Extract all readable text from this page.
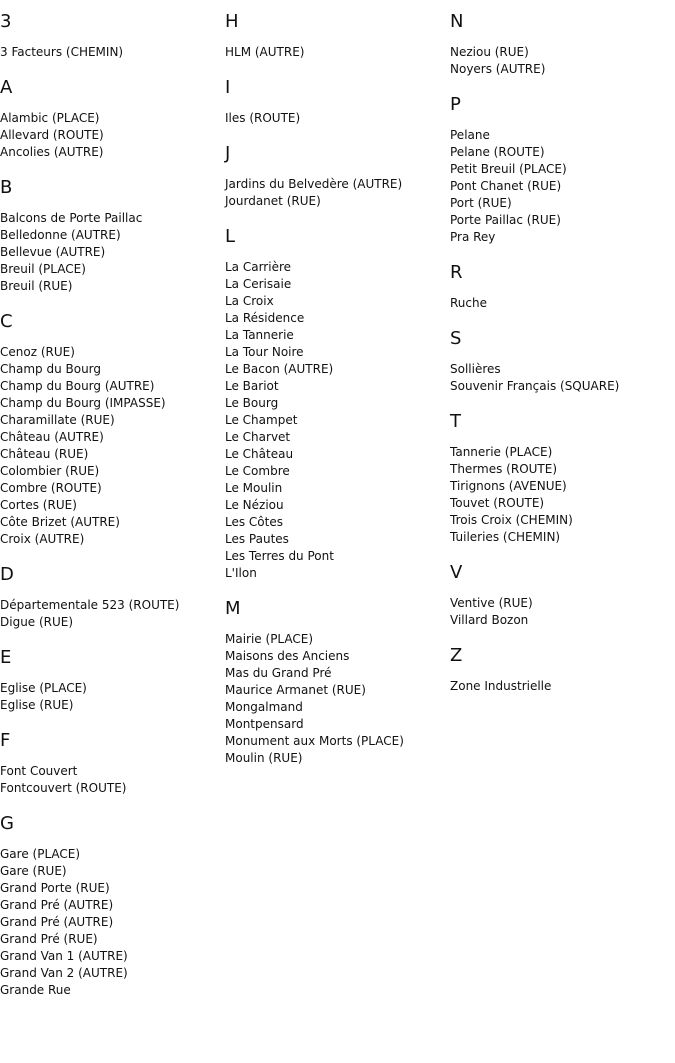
3
3 Facteurs (CHEMIN)
A
Alambic (PLACE)
Allevard (ROUTE)
Ancolies (AUTRE)
B
Balcons de Porte Paillac
Belledonne (AUTRE)
Bellevue (AUTRE)
Breuil (PLACE)
Breuil (RUE)
C
Cenoz (RUE)
Champ du Bourg
Champ du Bourg (AUTRE)
Champ du Bourg (IMPASSE)
Charamillate (RUE)
Château (AUTRE)
Château (RUE)
Colombier (RUE)
Combre (ROUTE)
Cortes (RUE)
Côte Brizet (AUTRE)
Croix (AUTRE)
D
Départementale 523 (ROUTE)
Digue (RUE)
E
Eglise (PLACE)
Eglise (RUE)
F
Font Couvert
Fontcouvert (ROUTE)
G
Gare (PLACE)
Gare (RUE)
Grand Porte (RUE)
Grand Pré (AUTRE)
Grand Pré (AUTRE)
Grand Pré (RUE)
Grand Van 1 (AUTRE)
Grand Van 2 (AUTRE)
Grande Rue
H
HLM (AUTRE)
I
Iles (ROUTE)
J
Jardins du Belvedère (AUTRE)
Jourdanet (RUE)
L
La Carrière
La Cerisaie
La Croix
La Résidence
La Tannerie
La Tour Noire
Le Bacon (AUTRE)
Le Bariot
Le Bourg
Le Champet
Le Charvet
Le Château
Le Combre
Le Moulin
Le Néziou
Les Côtes
Les Pautes
Les Terres du Pont
L'Ilon
M
Mairie (PLACE)
Maisons des Anciens
Mas du Grand Pré
Maurice Armanet (RUE)
Mongalmand
Montpensard
Monument aux Morts (PLACE)
Moulin (RUE)
N
Neziou (RUE)
Noyers (AUTRE)
P
Pelane
Pelane (ROUTE)
Petit Breuil (PLACE)
Pont Chanet (RUE)
Port (RUE)
Porte Paillac (RUE)
Pra Rey
R
Ruche
S
Sollières
Souvenir Français (SQUARE)
T
Tannerie (PLACE)
Thermes (ROUTE)
Tirignons (AVENUE)
Touvet (ROUTE)
Trois Croix (CHEMIN)
Tuileries (CHEMIN)
V
Ventive (RUE)
Villard Bozon
Z
Zone Industrielle
